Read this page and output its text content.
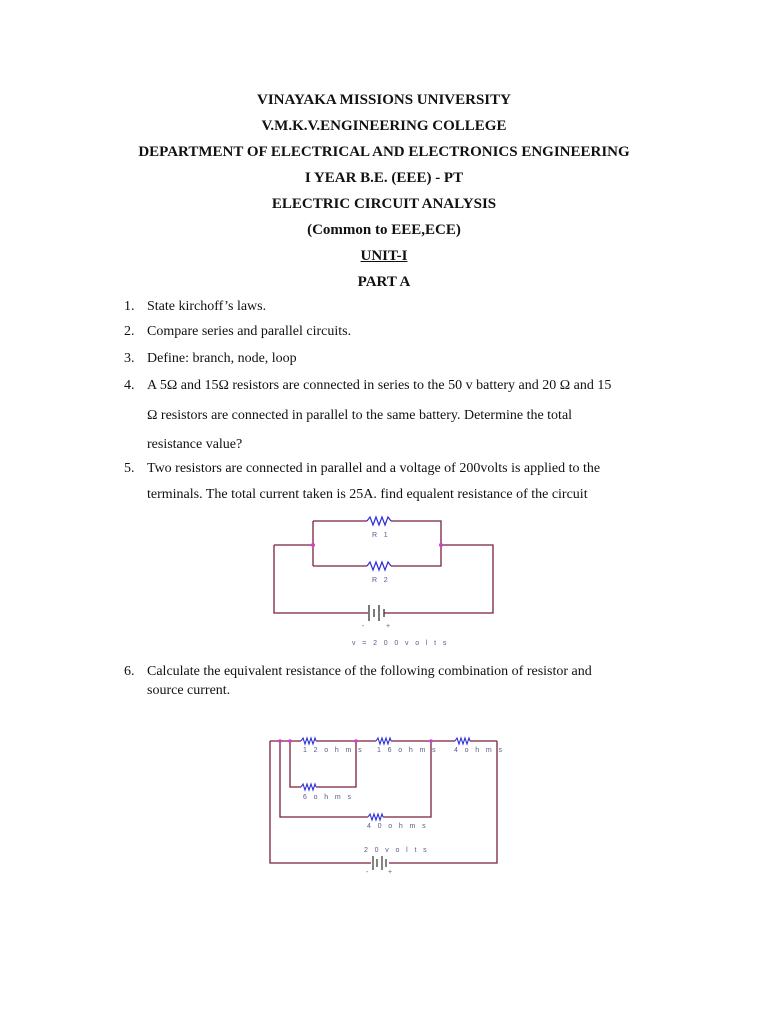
VINAYAKA MISSIONS UNIVERSITY

V.M.K.V.ENGINEERING COLLEGE

DEPARTMENT OF ELECTRICAL AND ELECTRONICS ENGINEERING

I YEAR B.E. (EEE) - PT

ELECTRIC CIRCUIT ANALYSIS

(Common to EEE,ECE)

UNIT-I

PART A

1. State kirchoff’s laws.
2. Compare series and parallel circuits.
3. Define: branch, node, loop
4. A 5Ω and 15Ω resistors are connected in series to the 50 v battery and 20 Ω and 15
Ω resistors are connected in parallel to the same battery. Determine the total
resistance value?
5. Two resistors are connected in parallel and a voltage of 200volts is applied to the
terminals. The total current taken is 25A. find equalent resistance of the circuit
6. Calculate the equivalent resistance of the following combination of resistor and
source current.
-	+
R 1
R 2
v = 2 0 0 v o l t s
- +
1 2 o h m s 1 6 o h m s 4 o h m s
6 o h m s
4 0 o h m s
2 0 v o l t s
